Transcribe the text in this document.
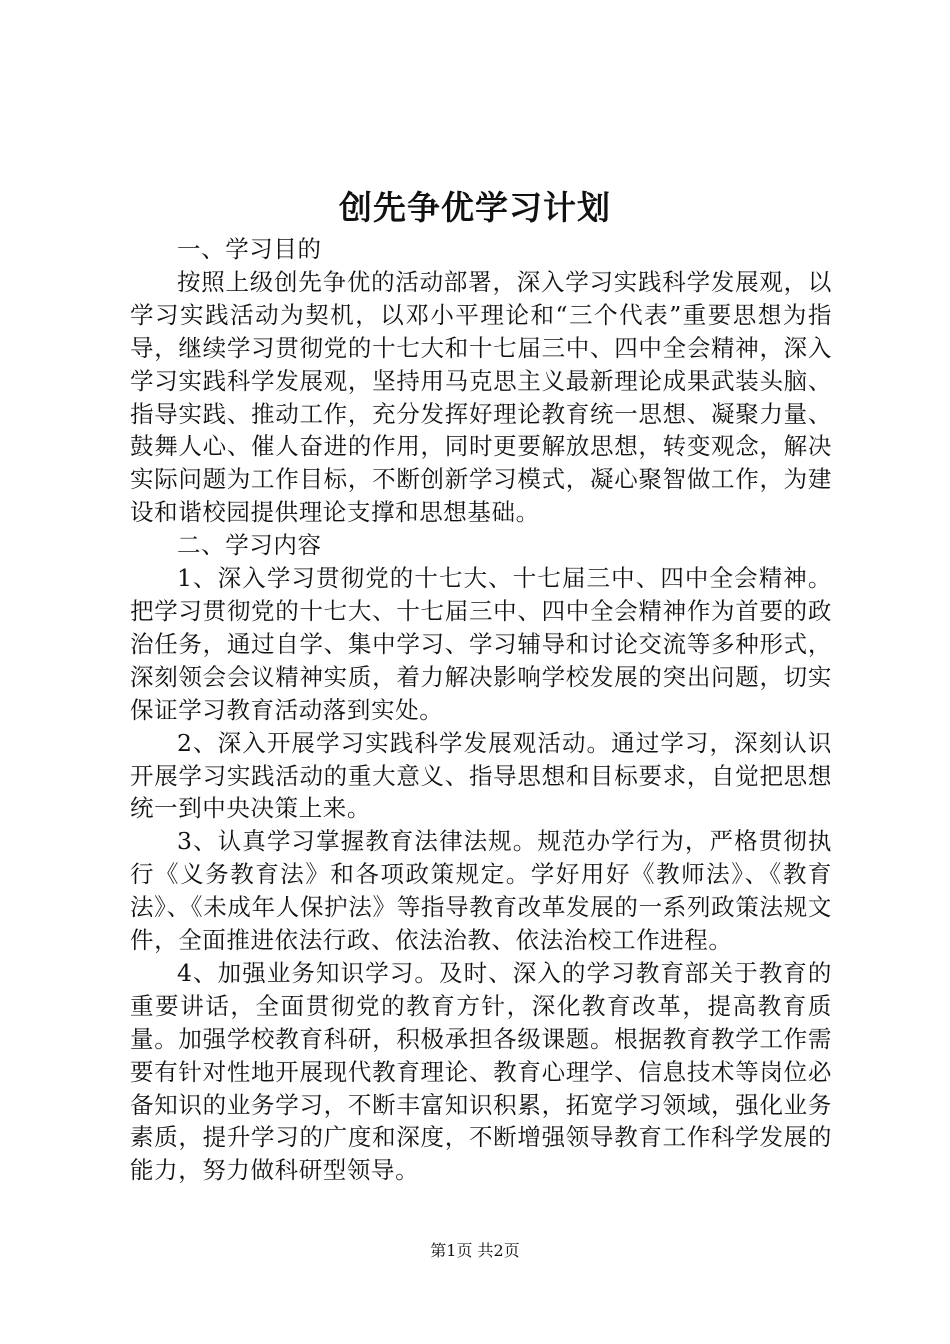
创先争优学习计划

一、学习目的

按照上级创先争优的活动部署，深入学习实践科学发展观，以学习实践活动为契机，以邓小平理论和“三个代表”重要思想为指导，继续学习贯彻党的十七大和十七届三中、四中全会精神，深入学习实践科学发展观，坚持用马克思主义最新理论成果武装头脑、指导实践、推动工作，充分发挥好理论教育统一思想、凝聚力量、鼓舞人心、催人奋进的作用，同时更要解放思想，转变观念，解决实际问题为工作目标，不断创新学习模式，凝心聚智做工作，为建设和谐校园提供理论支撑和思想基础。

二、学习内容

1、深入学习贯彻党的十七大、十七届三中、四中全会精神。把学习贯彻党的十七大、十七届三中、四中全会精神作为首要的政治任务，通过自学、集中学习、学习辅导和讨论交流等多种形式，深刻领会会议精神实质，着力解决影响学校发展的突出问题，切实保证学习教育活动落到实处。

2、深入开展学习实践科学发展观活动。通过学习，深刻认识开展学习实践活动的重大意义、指导思想和目标要求，自觉把思想统一到中央决策上来。

3、认真学习掌握教育法律法规。规范办学行为，严格贯彻执行《义务教育法》和各项政策规定。学好用好《教师法》、《教育法》、《未成年人保护法》等指导教育改革发展的一系列政策法规文件，全面推进依法行政、依法治教、依法治校工作进程。

4、加强业务知识学习。及时、深入的学习教育部关于教育的重要讲话，全面贯彻党的教育方针，深化教育改革，提高教育质量。加强学校教育科研，积极承担各级课题。根据教育教学工作需要有针对性地开展现代教育理论、教育心理学、信息技术等岗位必备知识的业务学习，不断丰富知识积累，拓宽学习领域，强化业务素质，提升学习的广度和深度，不断增强领导教育工作科学发展的能力，努力做科研型领导。

第1页 共2页
